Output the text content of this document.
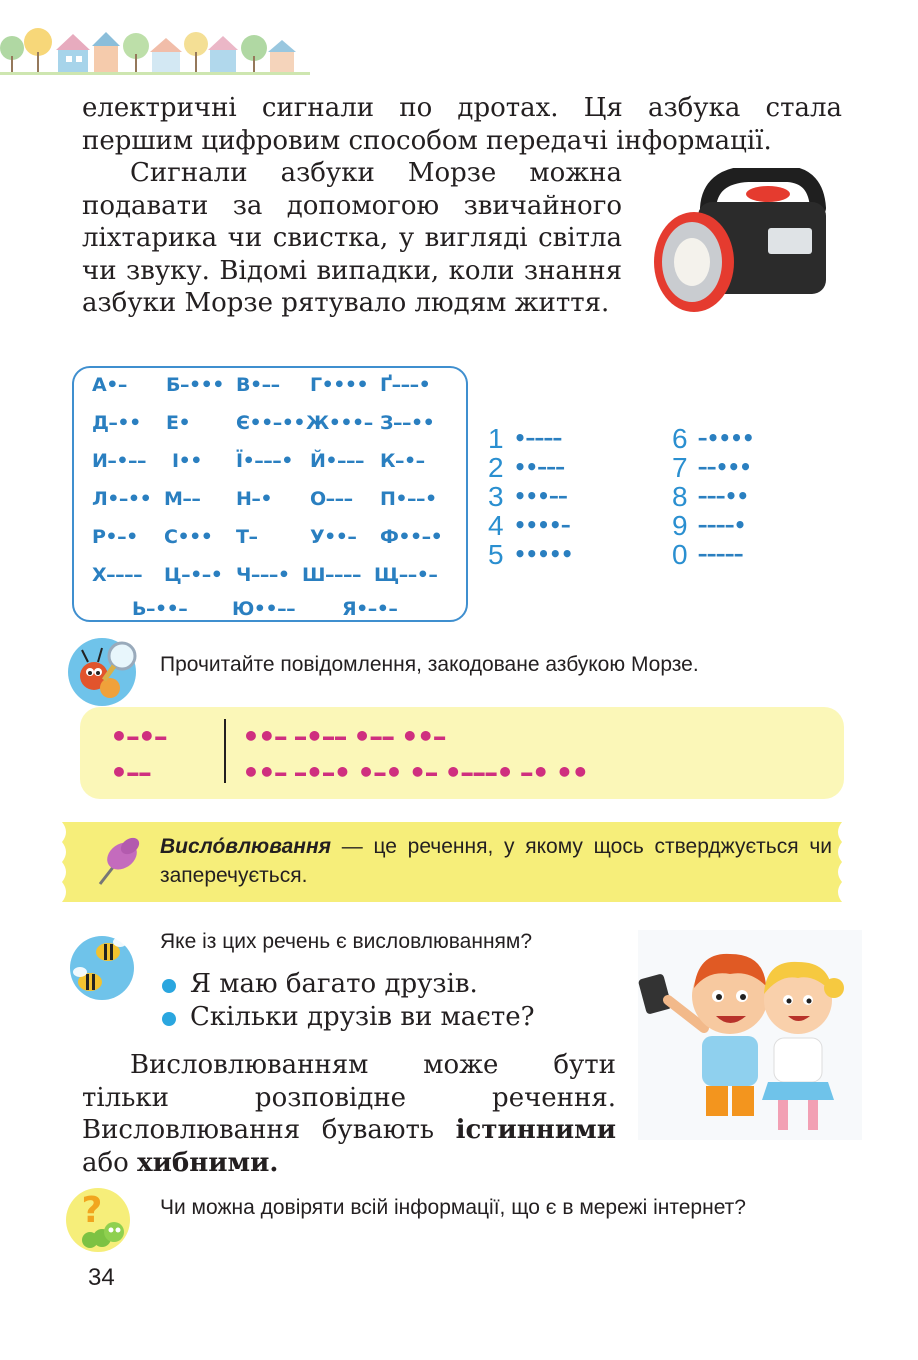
електричні сигнали по дротах. Ця азбука стала першим цифровим способом передачі інформації.

Сигнали азбуки Морзе можна подавати за допомогою звичайного ліхтарика чи свистка, у вигляді світла чи звуку. Відомі випадки, коли знання азбуки Морзе рятувало людям життя.

А•– Б–••• В•–– Г•••• Ґ–––•
Д–•• Е• Є••–•• Ж•••– З––••
И–•–– І•• Ї•–––• Й•––– К–•–
Л•–•• М–– Н–• О––– П•––•
Р•–• С••• Т–	У••– Ф••–•
Х–––– Ц–•–• Ч–––• Ш–––– Щ––•–
Ь–••– Ю••–– Я•–•–
1 •––––
2 ••–––
3 •••––
4 ••••–
5 •••••
6 –••••
7 ––•••
8 –––••
9 ––––•
0 –––––

Прочитайте повідомлення, закодоване азбукою Морзе.

•–•–
•––
••– –•–– •–– ••–
••– –•–• •–• •– •–––• –• ••

Висло́влювання — це речення, у якому щось стверджується чи заперечується.

Яке із цих речень є висловлюванням?

Я маю багато друзів.
Скільки друзів ви маєте?

Висловлюванням може бути тільки розповідне речення. Висловлювання бувають істинними або хибними.

?	Чи можна довіряти всій інформації, що є в мережі інтернет?

34
